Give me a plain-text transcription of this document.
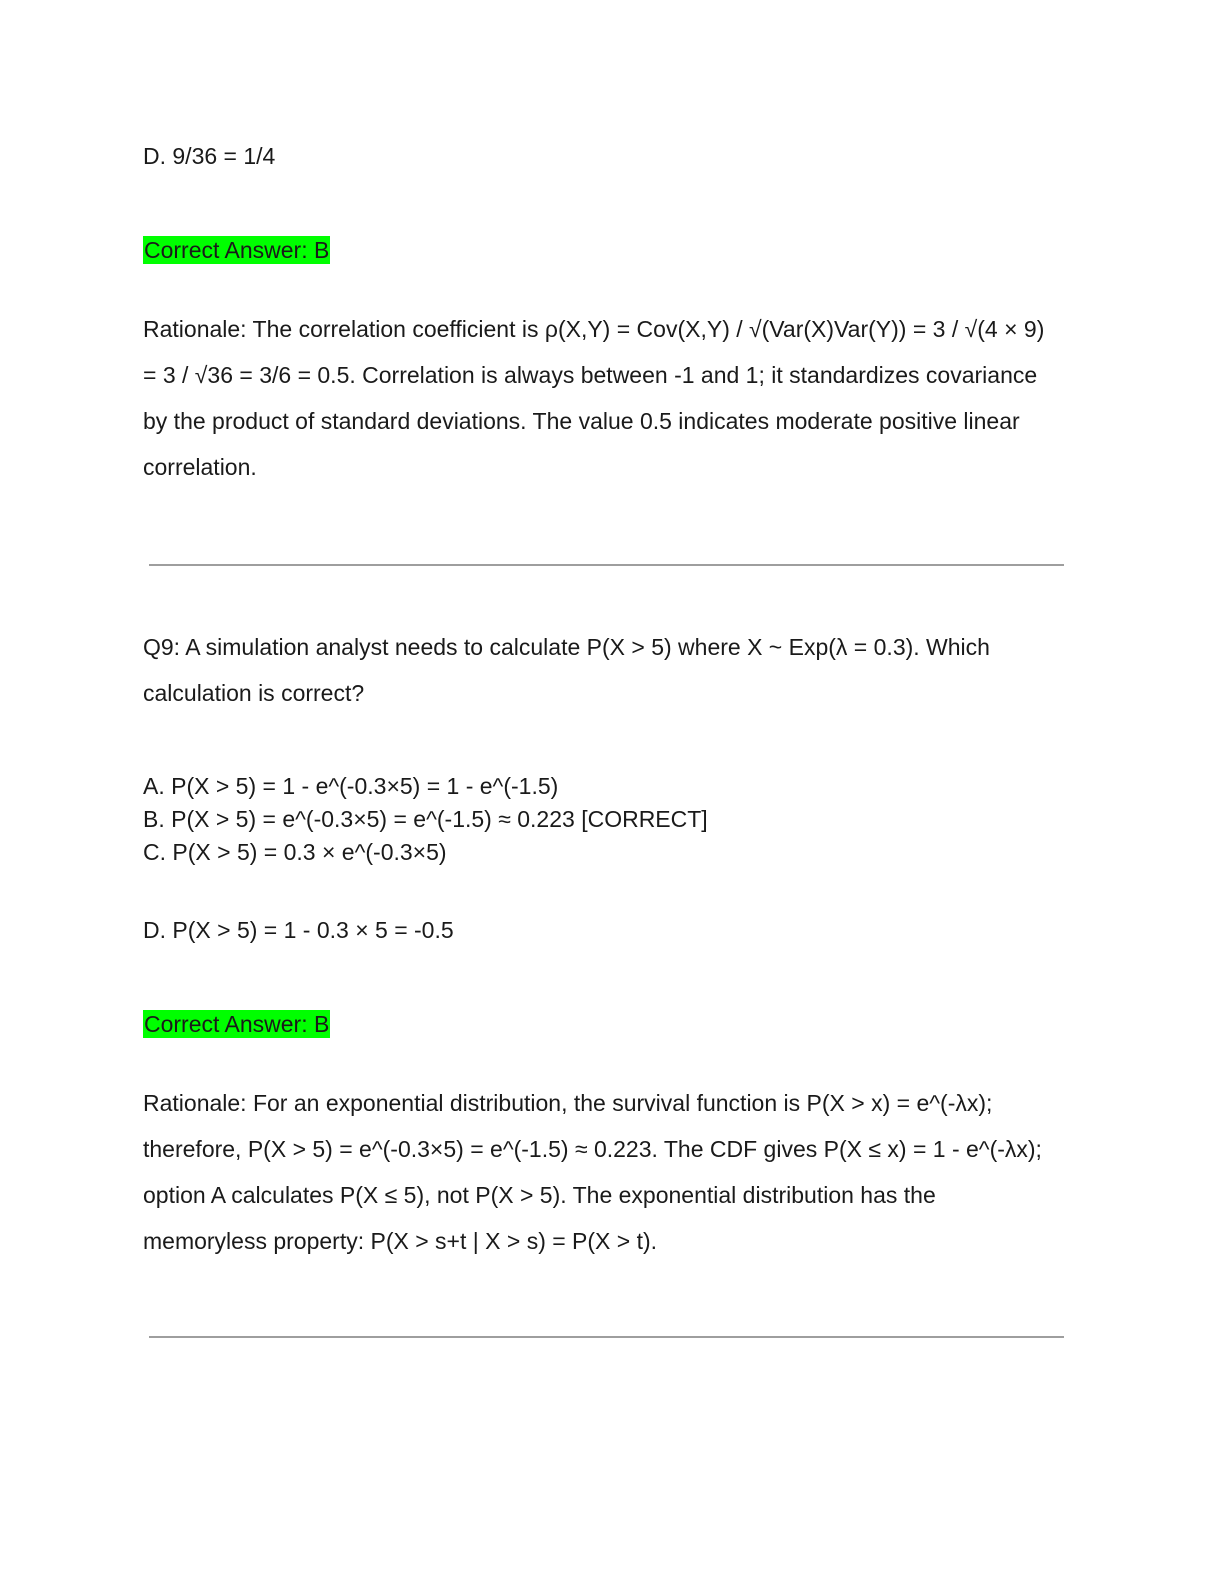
D. 9/36 = 1/4
Correct Answer: B
Rationale: The correlation coefficient is ρ(X,Y) = Cov(X,Y) / √(Var(X)Var(Y)) = 3 / √(4 × 9)
= 3 / √36 = 3/6 = 0.5. Correlation is always between -1 and 1; it standardizes covariance
by the product of standard deviations. The value 0.5 indicates moderate positive linear
correlation.
Q9: A simulation analyst needs to calculate P(X > 5) where X ~ Exp(λ = 0.3). Which
calculation is correct?
A. P(X > 5) = 1 - e^(-0.3×5) = 1 - e^(-1.5)
B. P(X > 5) = e^(-0.3×5) = e^(-1.5) ≈ 0.223 [CORRECT]
C. P(X > 5) = 0.3 × e^(-0.3×5)
D. P(X > 5) = 1 - 0.3 × 5 = -0.5
Correct Answer: B
Rationale: For an exponential distribution, the survival function is P(X > x) = e^(-λx);
therefore, P(X > 5) = e^(-0.3×5) = e^(-1.5) ≈ 0.223. The CDF gives P(X ≤ x) = 1 - e^(-λx);
option A calculates P(X ≤ 5), not P(X > 5). The exponential distribution has the
memoryless property: P(X > s+t | X > s) = P(X > t).
